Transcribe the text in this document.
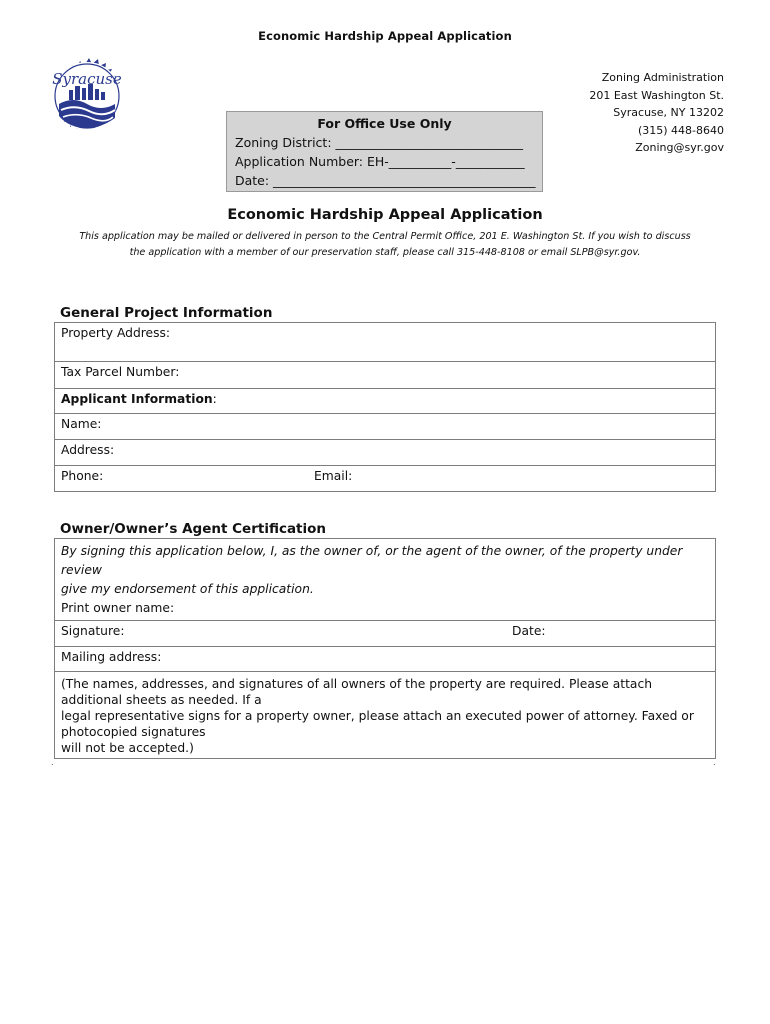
Economic Hardship Appeal Application
Syracuse	Zoning Administration
201 East Washington St.
Syracuse, NY 13202
(315) 448-8640
Zoning@syr.gov
For Office Use Only
Zoning District: ______________________________
Application Number: EH-__________-___________
Date: __________________________________________
Economic Hardship Appeal Application
This application may be mailed or delivered in person to the Central Permit Office, 201 E. Washington St. If you wish to discuss
the application with a member of our preservation staff, please call 315-448-8108 or email SLPB@syr.gov.
General Project Information
Property Address:
Tax Parcel Number:
Applicant Information:
Name:
Address:
Phone:	Email:
Owner/Owner’s Agent Certification
By signing this application below, I, as the owner of, or the agent of the owner, of the property under review
give my endorsement of this application.
Print owner name:

Signature:	Date:

Mailing address:

(The names, addresses, and signatures of all owners of the property are required. Please attach additional sheets as needed. If a
legal representative signs for a property owner, please attach an executed power of attorney. Faxed or photocopied signatures
will not be accepted.)
.	.
